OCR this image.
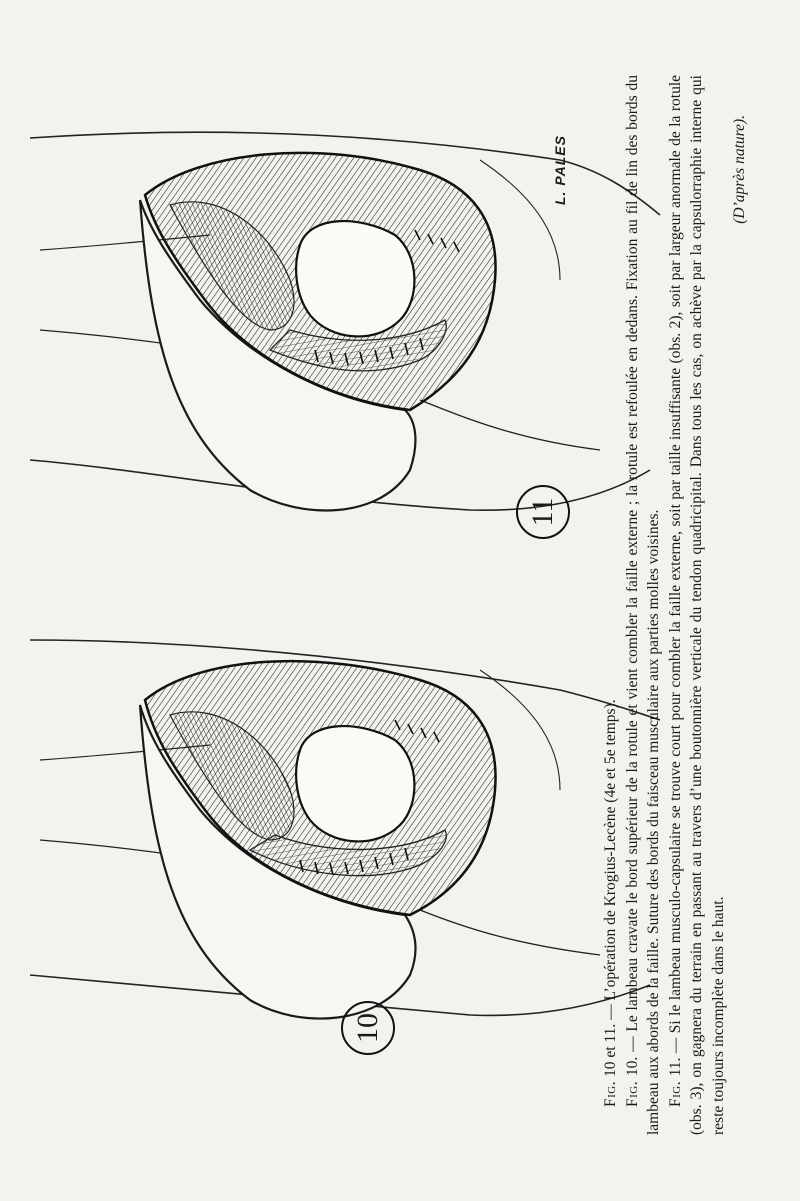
11
10
L. PALES

Fig. 10 et 11. — L’opération de Krogius-Lecène (4e et 5e temps).

Fig. 10. — Le lambeau cravate le bord supérieur de la rotule et vient combler la faille externe ; la rotule est refoulée en dedans. Fixation au fil de lin des bords du lambeau aux abords de la faille. Suture des bords du faisceau musculaire aux parties molles voisines. Fig. 11. — Si le lambeau musculo-capsulaire se trouve court pour combler la faille externe, soit par taille insuffisante (obs. 2), soit par largeur anormale de la rotule (obs. 3), on gagnera du terrain en passant au travers d’une boutonnière verticale du tendon quadricipital. Dans tous les cas, on achève par la capsulorraphie interne qui reste toujours incomplète dans le haut.

(D’après nature).
